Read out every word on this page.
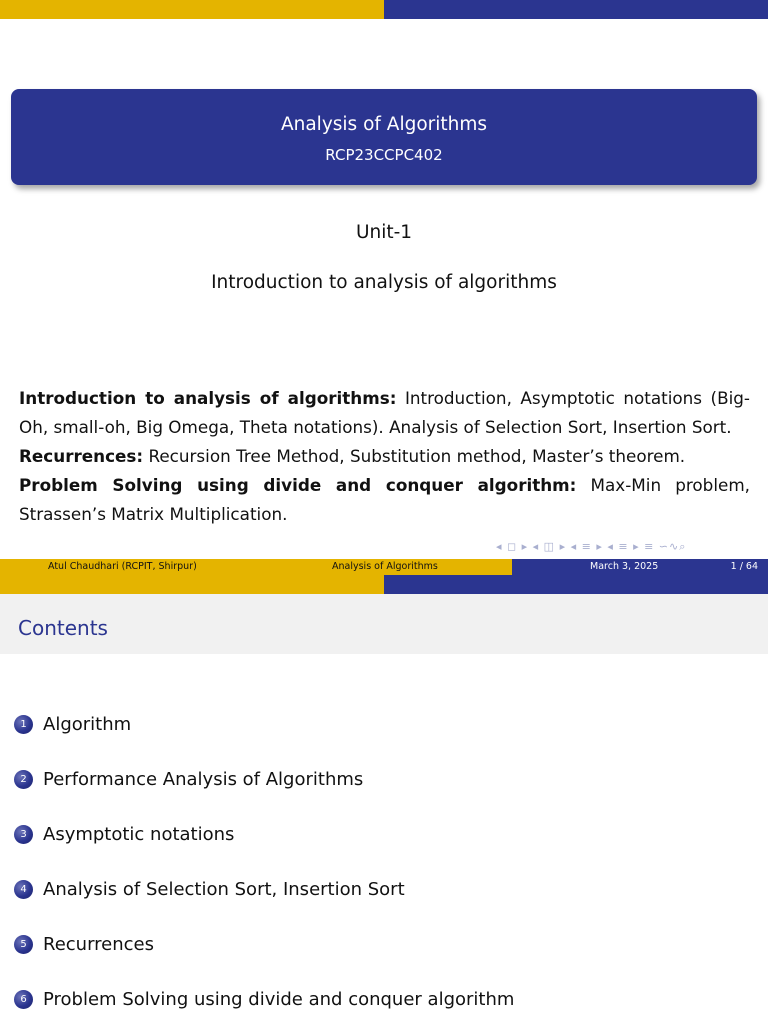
Analysis of Algorithms
RCP23CCPC402
Unit-1
Introduction to analysis of algorithms

Introduction to analysis of algorithms: Introduction, Asymptotic notations (Big-Oh, small-oh, Big Omega, Theta notations). Analysis of Selection Sort, Insertion Sort.

Recurrences: Recursion Tree Method, Substitution method, Master’s theorem.

Problem Solving using divide and conquer algorithm: Max-Min problem, Strassen’s Matrix Multiplication.

◂ ◻ ▸ ◂ ◫ ▸ ◂ ≡ ▸ ◂ ≡ ▸ ≡ ∽∿⌕
Atul Chaudhari (RCPIT, Shirpur)	Analysis of Algorithms	March 3, 2025	1 / 64
Contents
1 Algorithm
2 Performance Analysis of Algorithms
3 Asymptotic notations
4 Analysis of Selection Sort, Insertion Sort
5 Recurrences
6 Problem Solving using divide and conquer algorithm
